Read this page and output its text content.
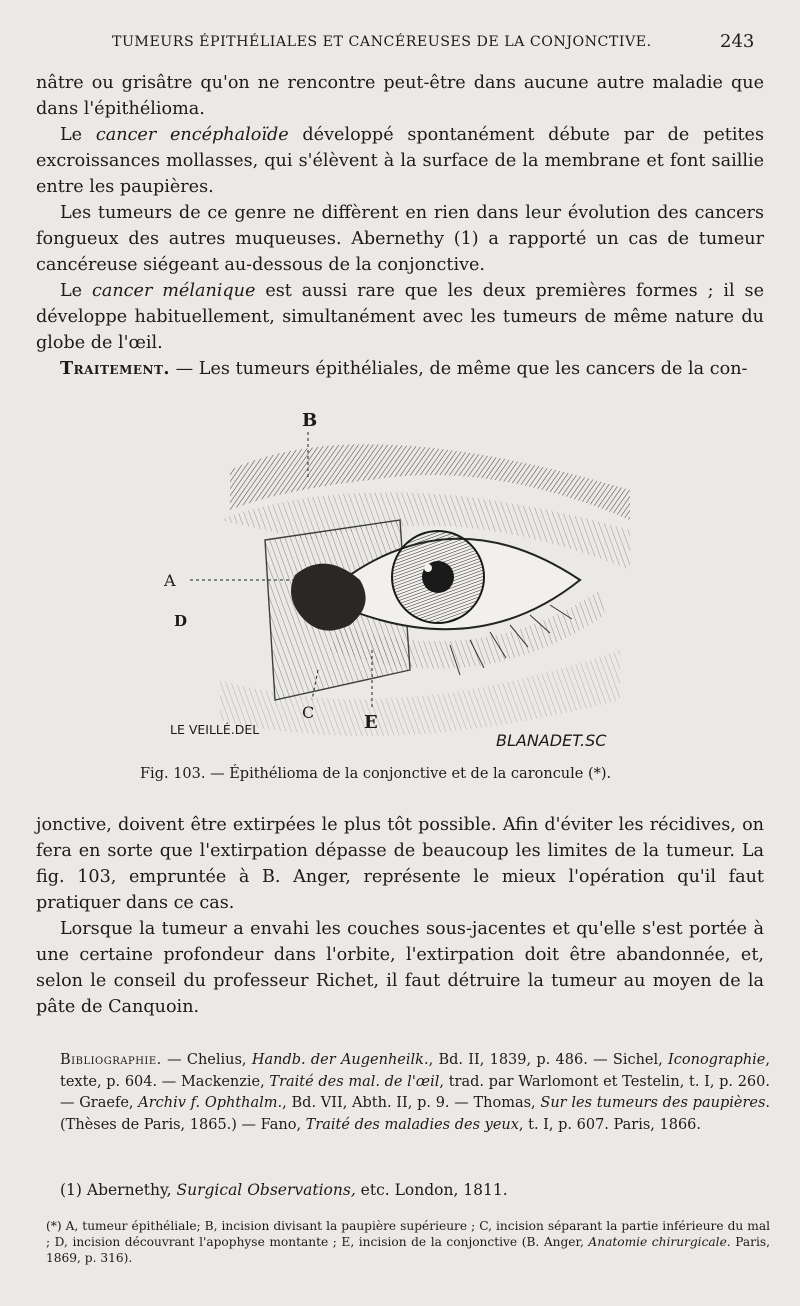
TUMEURS ÉPITHÉLIALES ET CANCÉREUSES DE LA CONJONCTIVE.	243

nâtre ou grisâtre qu'on ne rencontre peut-être dans aucune autre maladie que dans l'épithélioma.

Le cancer encéphaloïde développé spontanément débute par de petites excroissances mollasses, qui s'élèvent à la surface de la membrane et font saillie entre les paupières.

Les tumeurs de ce genre ne diffèrent en rien dans leur évolution des cancers fongueux des autres muqueuses. Abernethy (1) a rapporté un cas de tumeur cancéreuse siégeant au-dessous de la conjonctive.

Le cancer mélanique est aussi rare que les deux premières formes ; il se développe habituellement, simultanément avec les tumeurs de même nature du globe de l'œil.

Traitement. — Les tumeurs épithéliales, de même que les cancers de la con-

B
A
D
C	E
LE VEILLÉ.DEL
BLANADET.SC
Fig. 103. — Épithélioma de la conjonctive et de la caroncule (*).

jonctive, doivent être extirpées le plus tôt possible. Afin d'éviter les récidives, on fera en sorte que l'extirpation dépasse de beaucoup les limites de la tumeur. La fig. 103, empruntée à B. Anger, représente le mieux l'opération qu'il faut pratiquer dans ce cas.

Lorsque la tumeur a envahi les couches sous-jacentes et qu'elle s'est portée à une certaine profondeur dans l'orbite, l'extirpation doit être abandonnée, et, selon le conseil du professeur Richet, il faut détruire la tumeur au moyen de la pâte de Canquoin.

Bibliographie. — Chelius, Handb. der Augenheilk., Bd. II, 1839, p. 486. — Sichel, Iconographie, texte, p. 604. — Mackenzie, Traité des mal. de l'œil, trad. par Warlomont et Testelin, t. I, p. 260. — Graefe, Archiv f. Ophthalm., Bd. VII, Abth. II, p. 9. — Thomas, Sur les tumeurs des paupières. (Thèses de Paris, 1865.) — Fano, Traité des maladies des yeux, t. I, p. 607. Paris, 1866.
(1) Abernethy, Surgical Observations, etc. London, 1811.
(*) A, tumeur épithéliale; B, incision divisant la paupière supérieure ; C, incision séparant la partie inférieure du mal ; D, incision découvrant l'apophyse montante ; E, incision de la conjonctive (B. Anger, Anatomie chirurgicale. Paris, 1869, p. 316).
